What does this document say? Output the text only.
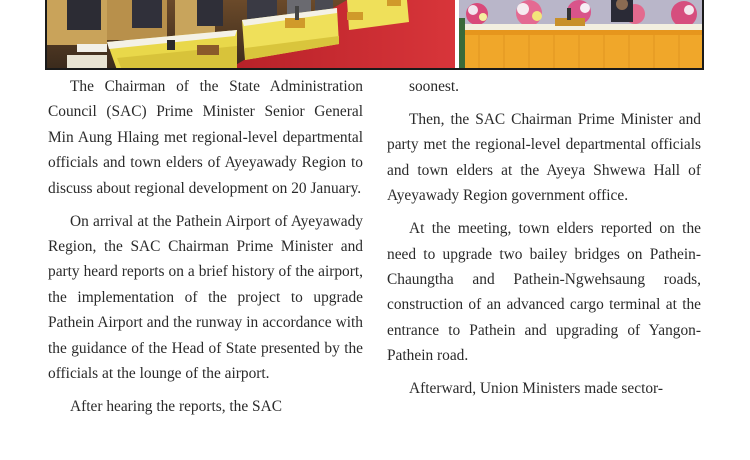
The Chairman of the State Administration Council (SAC) Prime Minister Senior General Min Aung Hlaing met regional-level departmental officials and town elders of Ayeyawady Region to discuss about regional development on 20 January.

On arrival at the Pathein Airport of Ayeyawady Region, the SAC Chairman Prime Minister and party heard reports on a brief history of the airport, the implementation of the project to upgrade Pathein Airport and the runway in accordance with the guidance of the Head of State presented by the officials at the lounge of the airport.

After hearing the reports, the SAC

soonest.

Then, the SAC Chairman Prime Minister and party met the regional-level departmental officials and town elders at the Ayeya Shwewa Hall of Ayeyawady Region government office.

At the meeting, town elders reported on the need to upgrade two bailey bridges on Pathein-Chaungtha and Pathein-Ngwehsaung roads, construction of an advanced cargo terminal at the entrance to Pathein and upgrading of Yangon-Pathein road.

Afterward, Union Ministers made sector-
